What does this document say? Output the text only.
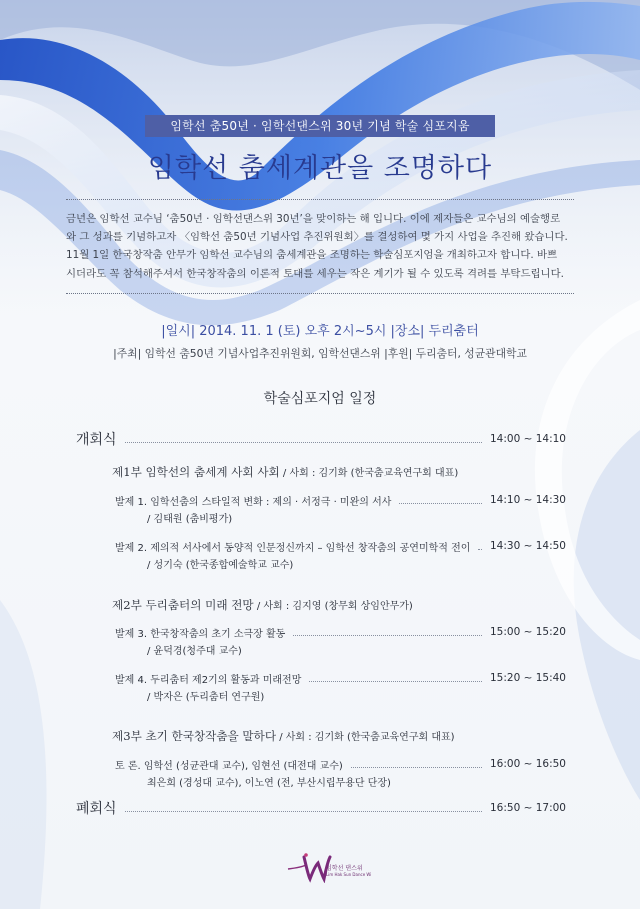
임학선 춤50년 · 임학선댄스위 30년 기념 학술 심포지움
임학선 춤세계관을 조명하다

금년은 임학선 교수님 ‘춤50년 · 임학선댄스위 30년’을 맞이하는 해 입니다. 이에 제자들은 교수님의 예술행로

와 그 성과를 기념하고자 〈임학선 춤50년 기념사업 추진위원회〉를 결성하여 몇 가지 사업을 추진해 왔습니다.

11월 1일 한국창작춤 안무가 임학선 교수님의 춤세계관을 조명하는 학술심포지엄을 개최하고자 합니다. 바쁘

시더라도 꼭 참석해주셔서 한국창작춤의 이론적 토대를 세우는 작은 계기가 될 수 있도록 격려를 부탁드립니다.

|일시| 2014. 11. 1 (토) 오후 2시~5시 |장소| 두리춤터
|주최| 임학선 춤50년 기념사업추진위원회, 임학선댄스위 |후원| 두리춤터, 성균관대학교
학술심포지엄 일정
개회식	14:00 ~ 14:10
제1부 임학선의 춤세계 사회 사회 / 사회 : 김기화 (한국춤교육연구회 대표)
발제 1. 임학선춤의 스타일적 변화 : 제의 · 서정극 · 미완의 서사	14:10 ~ 14:30
/ 김태원 (춤비평가)
발제 2. 제의적 서사에서 동양적 인문정신까지 – 임학선 창작춤의 공연미학적 전이 14:30 ~ 14:50
/ 성기숙 (한국종합예술학교 교수)
제2부 두리춤터의 미래 전망 / 사회 : 김지영 (창무회 상임안무가)
발제 3. 한국창작춤의 초기 소극장 활동	15:00 ~ 15:20
/ 윤덕경(청주대 교수)
발제 4. 두리춤터 제2기의 활동과 미래전망	15:20 ~ 15:40
/ 박자은 (두리춤터 연구원)
제3부 초기 한국창작춤을 말하다 / 사회 : 김기화 (한국춤교육연구회 대표)
토 론. 임학선 (성균관대 교수), 임현선 (대전대 교수)	16:00 ~ 16:50
최은희 (경성대 교수), 이노연 (전, 부산시립무용단 단장)
폐회식	16:50 ~ 17:00
임학선 댄스위
Lim Hak Sun Dance Wi
